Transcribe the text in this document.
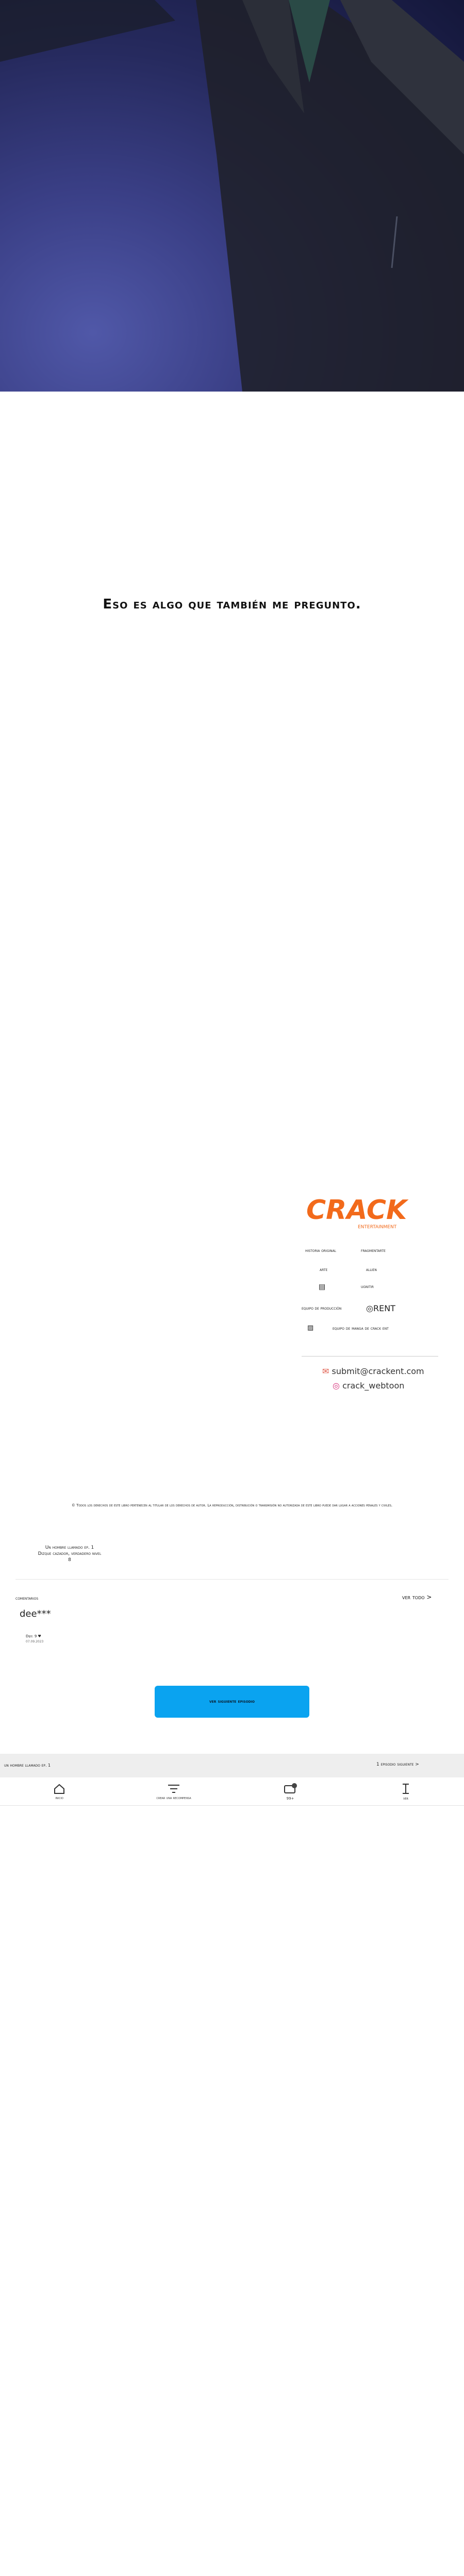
Eso es algo que también me pregunto.
CRACK
ENTERTAINMENT
historia original	fragmentarte
arte	allien
▤	ugnitir
equipo de producción	◎RENT
▨	equipo de manga de crack ent
✉ submit@crackent.com
◎ crack_webtoon
© Todos los derechos de este libro pertenecen al titular de los derechos de autor. La reproducción, distribución o transmisión no autorizada de este libro puede dar lugar a acciones penales y civiles.
Un hombre llamado ep. 1
Dizque cazador, verdadero nivel
8
comentarios	ver todo >
dee***
Dijo: 9 ♥
07.09.2023
ver siguiente episodio
un hombre llamado ep. 1	1 episodio siguiente >
inicio	crear una recompensa	99+	ver
